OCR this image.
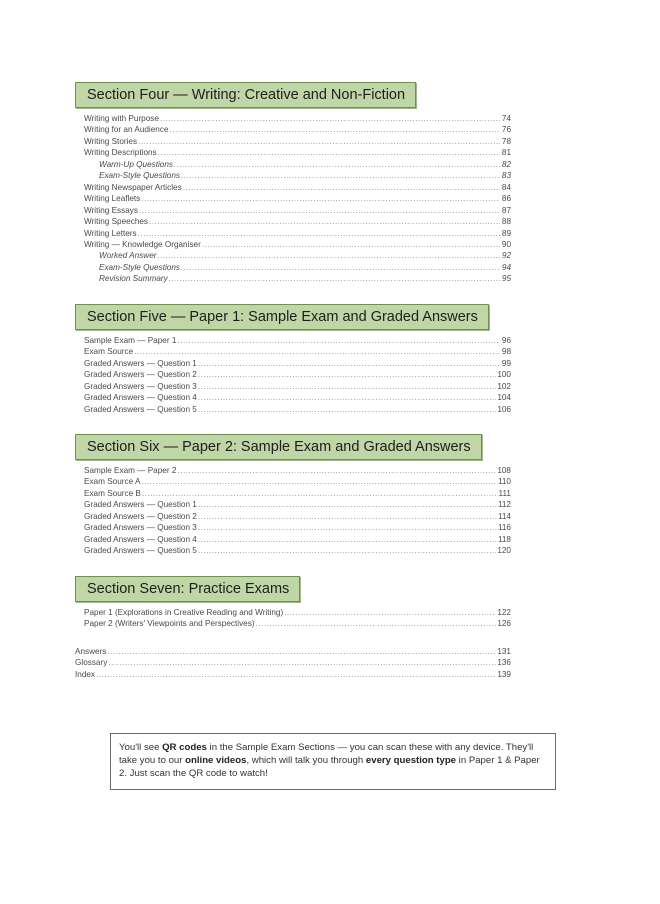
Section Four — Writing: Creative and Non-Fiction
Writing with Purpose .....	74
Writing for an Audience .....	76
Writing Stories .....	78
Writing Descriptions .....	81
Warm-Up Questions .....	82
Exam-Style Questions .....	83
Writing Newspaper Articles .....	84
Writing Leaflets .....	86
Writing Essays .....	87
Writing Speeches .....	88
Writing Letters .....	89
Writing — Knowledge Organiser .....	90
Worked Answer .....	92
Exam-Style Questions .....	94
Revision Summary .....	95
Section Five — Paper 1: Sample Exam and Graded Answers
Sample Exam — Paper 1 .....	96
Exam Source .....	98
Graded Answers — Question 1 .....	99
Graded Answers — Question 2 .....	100
Graded Answers — Question 3 .....	102
Graded Answers — Question 4 .....	104
Graded Answers — Question 5 .....	106
Section Six — Paper 2: Sample Exam and Graded Answers
Sample Exam — Paper 2 .....	108
Exam Source A .....	110
Exam Source B .....	111
Graded Answers — Question 1 .....	112
Graded Answers — Question 2 .....	114
Graded Answers — Question 3 .....	116
Graded Answers — Question 4 .....	118
Graded Answers — Question 5 .....	120
Section Seven: Practice Exams
Paper 1 (Explorations in Creative Reading and Writing) .....	122
Paper 2 (Writers' Viewpoints and Perspectives) .....	126
Answers .....	131
Glossary .....	136
Index .....	139
You'll see QR codes in the Sample Exam Sections — you can scan these with any device. They'll take you to our online videos, which will talk you through every question type in Paper 1 & Paper 2. Just scan the QR code to watch!
